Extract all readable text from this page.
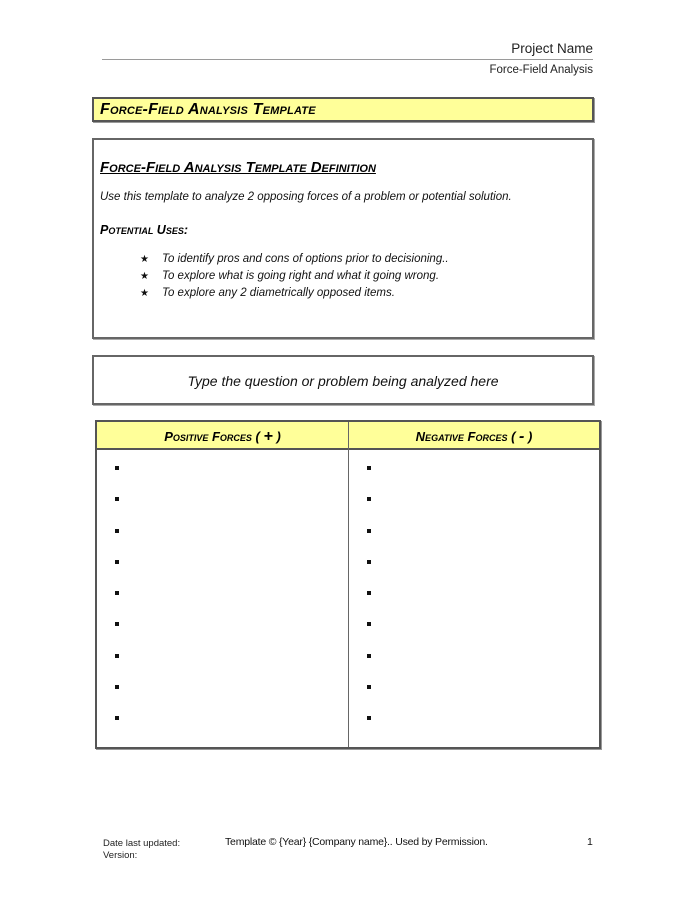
Project Name
Force-Field Analysis
Force-Field Analysis Template
Force-Field Analysis Template Definition
Use this template to analyze 2 opposing forces of a problem or potential solution.
Potential Uses:
★ To identify pros and cons of options prior to decisioning..
★ To explore what is going right and what it going wrong.
★ To explore any 2 diametrically opposed items.
Type the question or problem being analyzed here
Positive Forces ( + )	Negative Forces ( - )
Date last updated:
Version:
Template © {Year} {Company name}.. Used by Permission.	1
